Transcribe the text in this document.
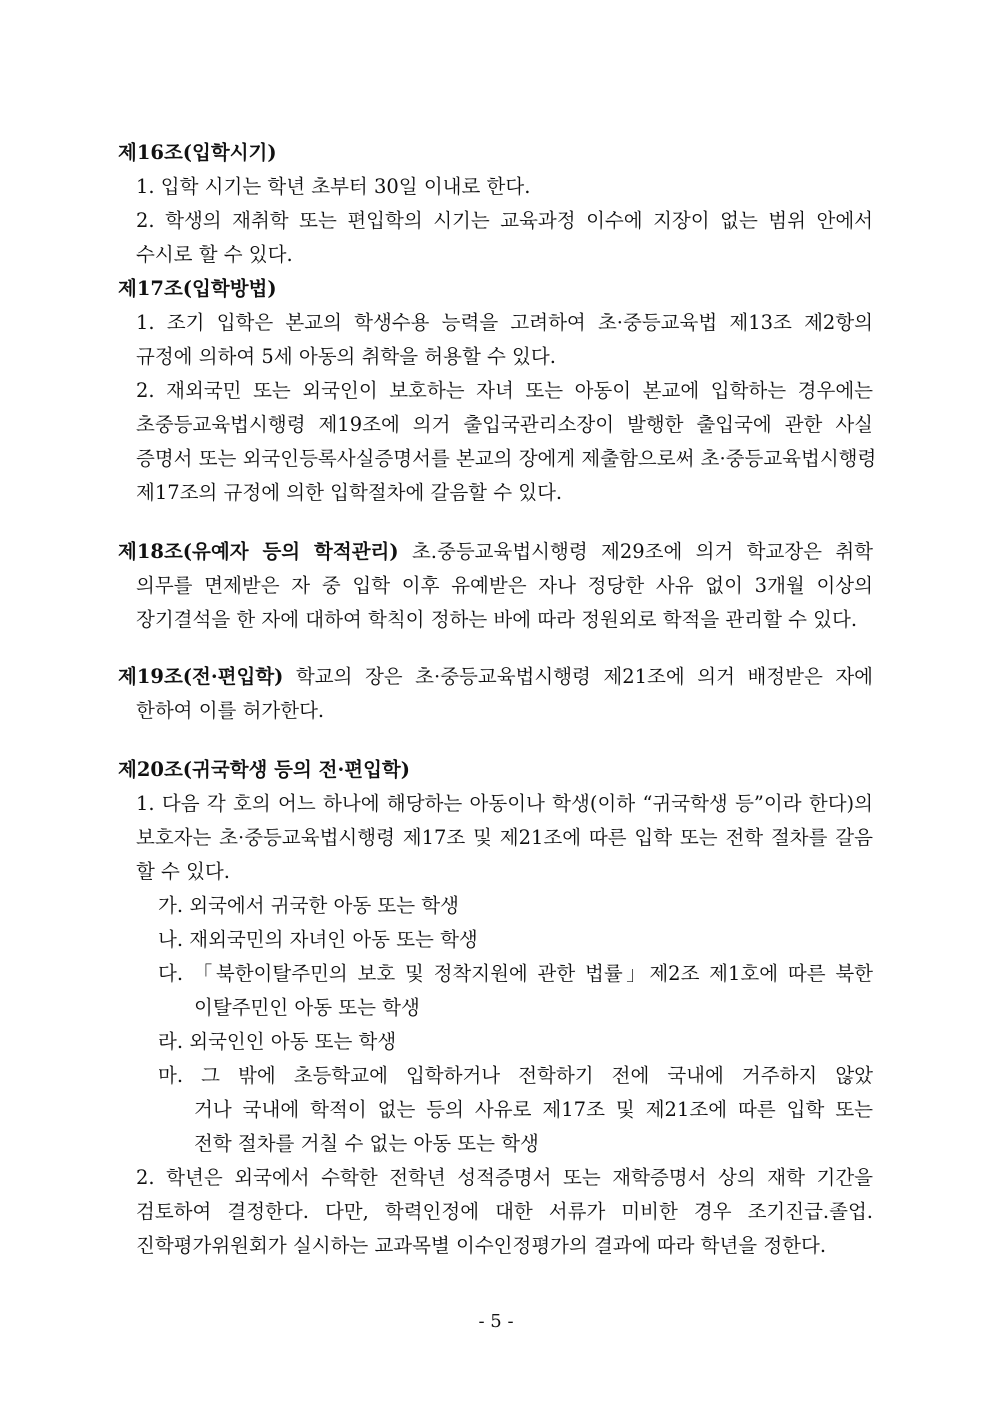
제16조(입학시기)
1. 입학 시기는 학년 초부터 30일 이내로 한다.
2. 학생의 재취학 또는 편입학의 시기는 교육과정 이수에 지장이 없는 범위 안에서
수시로 할 수 있다.
제17조(입학방법)
1. 조기 입학은 본교의 학생수용 능력을 고려하여 초·중등교육법 제13조 제2항의
규정에 의하여 5세 아동의 취학을 허용할 수 있다.
2. 재외국민 또는 외국인이 보호하는 자녀 또는 아동이 본교에 입학하는 경우에는
초중등교육법시행령 제19조에 의거 출입국관리소장이 발행한 출입국에 관한 사실
증명서 또는 외국인등록사실증명서를 본교의 장에게 제출함으로써 초·중등교육법시행령
제17조의 규정에 의한 입학절차에 갈음할 수 있다.
제18조(유예자 등의 학적관리) 초.중등교육법시행령 제29조에 의거 학교장은 취학
의무를 면제받은 자 중 입학 이후 유예받은 자나 정당한 사유 없이 3개월 이상의
장기결석을 한 자에 대하여 학칙이 정하는 바에 따라 정원외로 학적을 관리할 수 있다.
제19조(전·편입학) 학교의 장은 초·중등교육법시행령 제21조에 의거 배정받은 자에
한하여 이를 허가한다.
제20조(귀국학생 등의 전·편입학)
1. 다음 각 호의 어느 하나에 해당하는 아동이나 학생(이하 “귀국학생 등”이라 한다)의
보호자는 초·중등교육법시행령 제17조 및 제21조에 따른 입학 또는 전학 절차를 갈음
할 수 있다.
가. 외국에서 귀국한 아동 또는 학생
나. 재외국민의 자녀인 아동 또는 학생
다. 「북한이탈주민의 보호 및 정착지원에 관한 법률」제2조 제1호에 따른 북한
이탈주민인 아동 또는 학생
라. 외국인인 아동 또는 학생
마. 그 밖에 초등학교에 입학하거나 전학하기 전에 국내에 거주하지 않았
거나 국내에 학적이 없는 등의 사유로 제17조 및 제21조에 따른 입학 또는
전학 절차를 거칠 수 없는 아동 또는 학생
2. 학년은 외국에서 수학한 전학년 성적증명서 또는 재학증명서 상의 재학 기간을
검토하여 결정한다. 다만, 학력인정에 대한 서류가 미비한 경우 조기진급.졸업.
진학평가위원회가 실시하는 교과목별 이수인정평가의 결과에 따라 학년을 정한다.
- 5 -
